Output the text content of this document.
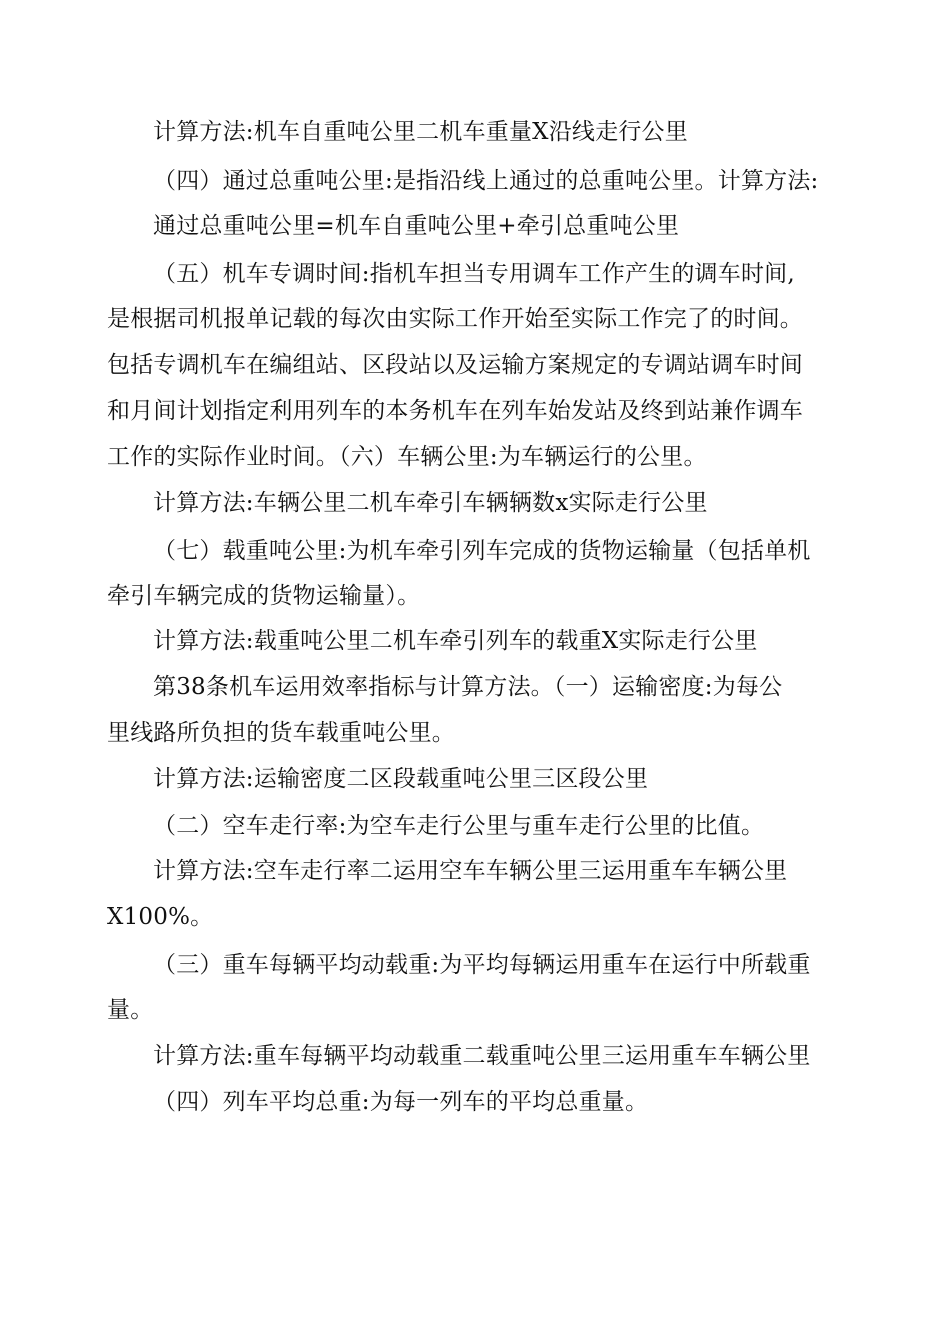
计算方法:机车自重吨公里二机车重量X沿线走行公里
（四）通过总重吨公里:是指沿线上通过的总重吨公里。计算方法:
通过总重吨公里=机车自重吨公里+牵引总重吨公里
（五）机车专调时间:指机车担当专用调车工作产生的调车时间,
是根据司机报单记载的每次由实际工作开始至实际工作完了的时间。
包括专调机车在编组站、区段站以及运输方案规定的专调站调车时间
和月间计划指定利用列车的本务机车在列车始发站及终到站兼作调车
工作的实际作业时间。（六）车辆公里:为车辆运行的公里。
计算方法:车辆公里二机车牵引车辆辆数x实际走行公里
（七）载重吨公里:为机车牵引列车完成的货物运输量（包括单机
牵引车辆完成的货物运输量）。
计算方法:载重吨公里二机车牵引列车的载重X实际走行公里
第38条机车运用效率指标与计算方法。（一）运输密度:为每公
里线路所负担的货车载重吨公里。
计算方法:运输密度二区段载重吨公里三区段公里
（二）空车走行率:为空车走行公里与重车走行公里的比值。
计算方法:空车走行率二运用空车车辆公里三运用重车车辆公里
X100%。
（三）重车每辆平均动载重:为平均每辆运用重车在运行中所载重
量。
计算方法:重车每辆平均动载重二载重吨公里三运用重车车辆公里
（四）列车平均总重:为每一列车的平均总重量。
